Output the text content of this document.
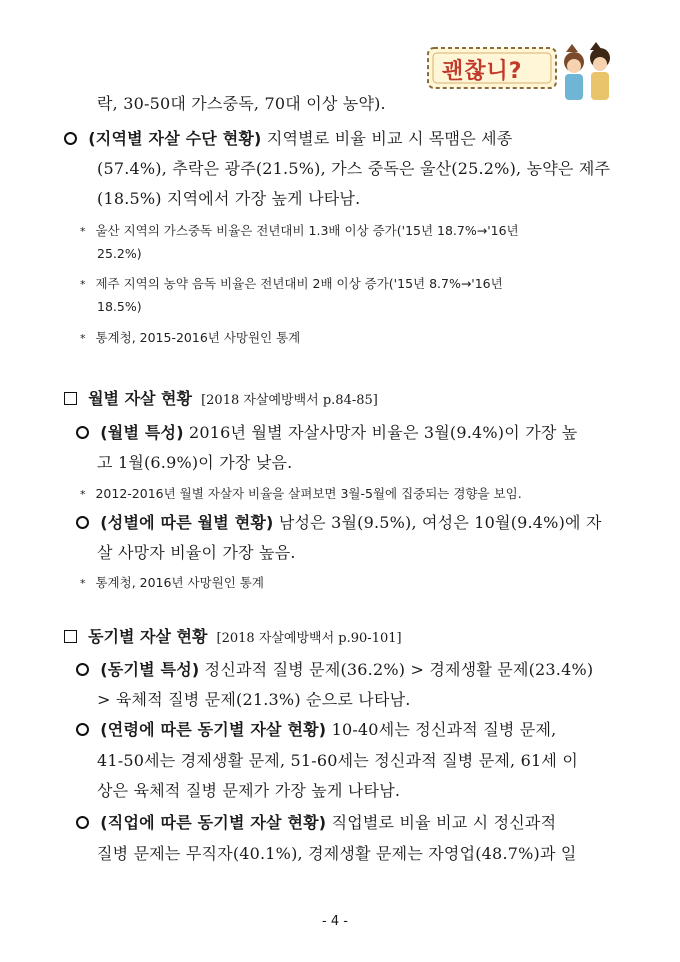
괜찮니?
락, 30-50대 가스중독, 70대 이상 농약).
(지역별 자살 수단 현황) 지역별로 비율 비교 시 목맴은 세종
(57.4%), 추락은 광주(21.5%), 가스 중독은 울산(25.2%), 농약은 제주
(18.5%) 지역에서 가장 높게 나타남.
* 울산 지역의 가스중독 비율은 전년대비 1.3배 이상 증가('15년 18.7%→'16년
25.2%)
* 제주 지역의 농약 음독 비율은 전년대비 2배 이상 증가('15년 8.7%→'16년
18.5%)
* 통계청, 2015-2016년 사망원인 통계
월별 자살 현황 [2018 자살예방백서 p.84-85]
(월별 특성) 2016년 월별 자살사망자 비율은 3월(9.4%)이 가장 높
고 1월(6.9%)이 가장 낮음.
* 2012-2016년 월별 자살자 비율을 살펴보면 3월-5월에 집중되는 경향을 보임.
(성별에 따른 월별 현황) 남성은 3월(9.5%), 여성은 10월(9.4%)에 자
살 사망자 비율이 가장 높음.
* 통계청, 2016년 사망원인 통계
동기별 자살 현황 [2018 자살예방백서 p.90-101]
(동기별 특성) 정신과적 질병 문제(36.2%) > 경제생활 문제(23.4%)
> 육체적 질병 문제(21.3%) 순으로 나타남.
(연령에 따른 동기별 자살 현황) 10-40세는 정신과적 질병 문제,
41-50세는 경제생활 문제, 51-60세는 정신과적 질병 문제, 61세 이
상은 육체적 질병 문제가 가장 높게 나타남.
(직업에 따른 동기별 자살 현황) 직업별로 비율 비교 시 정신과적
질병 문제는 무직자(40.1%), 경제생활 문제는 자영업(48.7%)과 일
- 4 -
